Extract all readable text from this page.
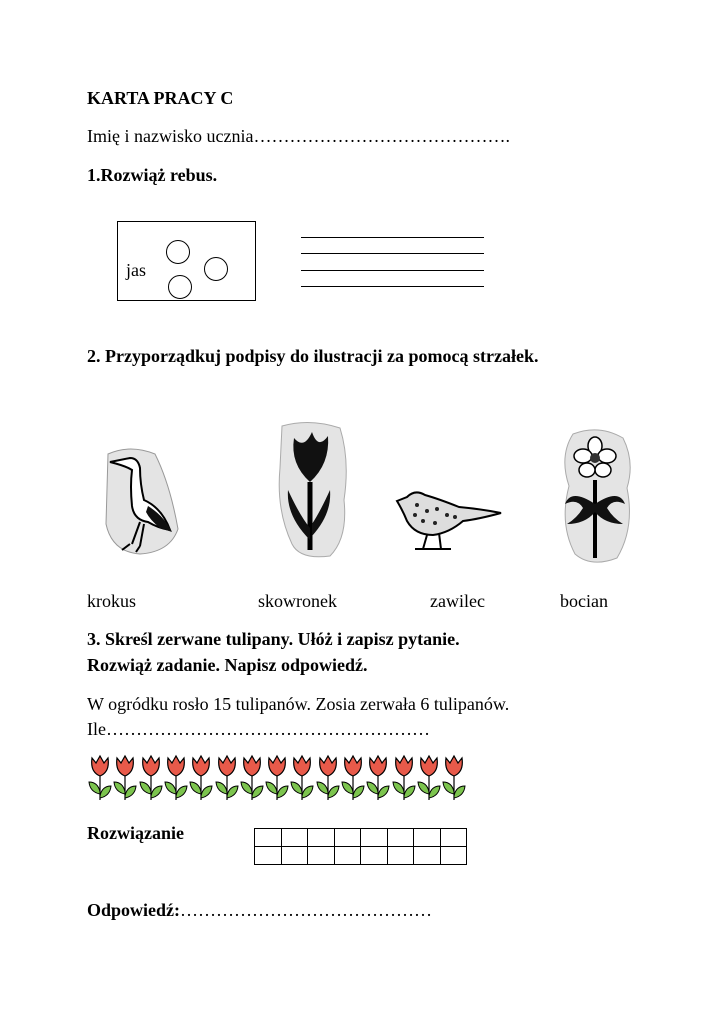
KARTA PRACY C
Imię i nazwisko ucznia…………………………………….
1.Rozwiąż rebus.
jas
2. Przyporządkuj podpisy do ilustracji za pomocą strzałek.
krokus	skowronek	zawilec	bocian
3. Skreśl zerwane tulipany. Ułóż i zapisz pytanie.
Rozwiąż zadanie. Napisz odpowiedź.
W ogródku rosło 15 tulipanów. Zosia zerwała 6 tulipanów.
Ile………………………………………………
Rozwiązanie

Odpowiedź:……………………………………
